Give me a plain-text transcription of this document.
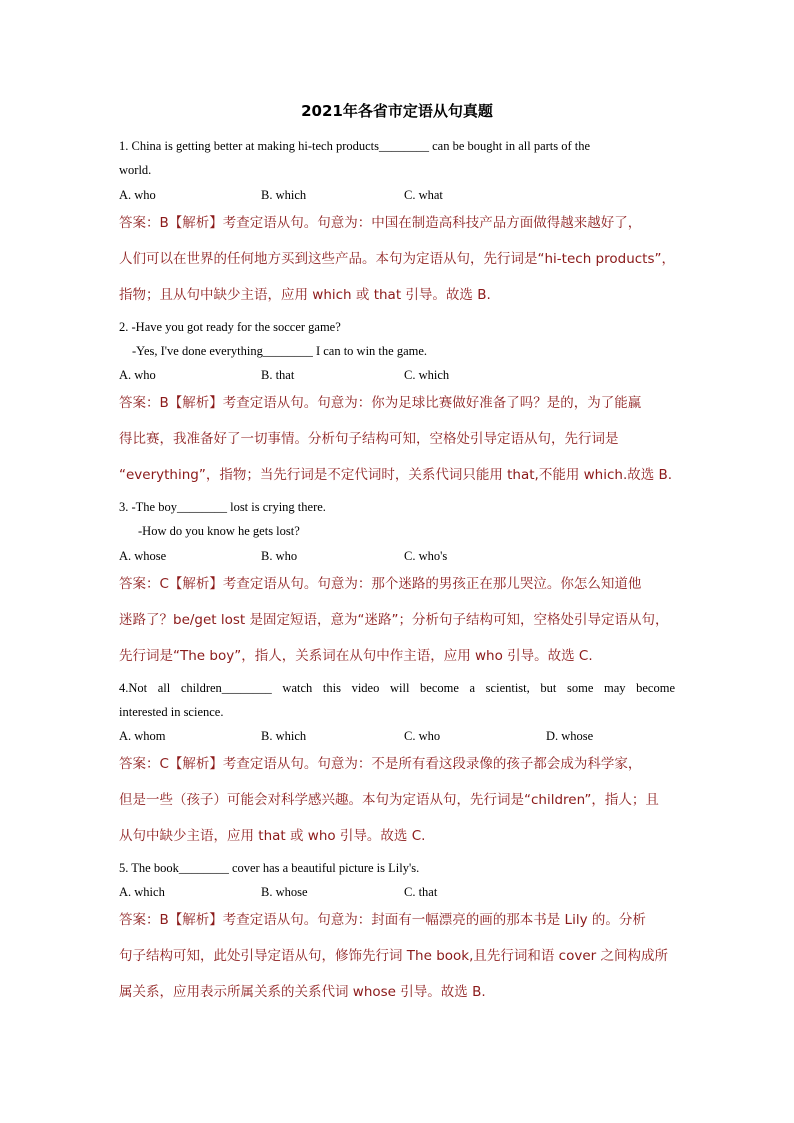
2021年各省市定语从句真题
1. China is getting better at making hi-tech products________ can be bought in all parts of the
world.
A. who	B. which	C. what
答案：B【解析】考查定语从句。句意为：中国在制造高科技产品方面做得越来越好了，
人们可以在世界的任何地方买到这些产品。本句为定语从句，先行词是“hi-tech products”，
指物；且从句中缺少主语，应用 which 或 that 引导。故选 B.
2. -Have you got ready for the soccer game?
-Yes, I've done everything________ I can to win the game.
A. who	B. that	C. which
答案：B【解析】考查定语从句。句意为：你为足球比赛做好准备了吗？是的，为了能赢
得比赛，我准备好了一切事情。分析句子结构可知，空格处引导定语从句，先行词是
“everything”，指物；当先行词是不定代词时，关系代词只能用 that,不能用 which.故选 B.
3. -The boy________ lost is crying there.
-How do you know he gets lost?
A. whose	B. who	C. who's
答案：C【解析】考查定语从句。句意为：那个迷路的男孩正在那儿哭泣。你怎么知道他
迷路了？be/get lost 是固定短语，意为“迷路”；分析句子结构可知，空格处引导定语从句，
先行词是“The boy”，指人，关系词在从句中作主语，应用 who 引导。故选 C.
4.Not all children________ watch this video will become a scientist, but some may become
interested in science.
A. whom	B. which	C. who	D. whose
答案：C【解析】考查定语从句。句意为：不是所有看这段录像的孩子都会成为科学家，
但是一些（孩子）可能会对科学感兴趣。本句为定语从句，先行词是“children”，指人；且
从句中缺少主语，应用 that 或 who 引导。故选 C.
5. The book________ cover has a beautiful picture is Lily's.
A. which	B. whose	C. that
答案：B【解析】考查定语从句。句意为：封面有一幅漂亮的画的那本书是 Lily 的。分析
句子结构可知，此处引导定语从句，修饰先行词 The book,且先行词和语 cover 之间构成所
属关系，应用表示所属关系的关系代词 whose 引导。故选 B.
